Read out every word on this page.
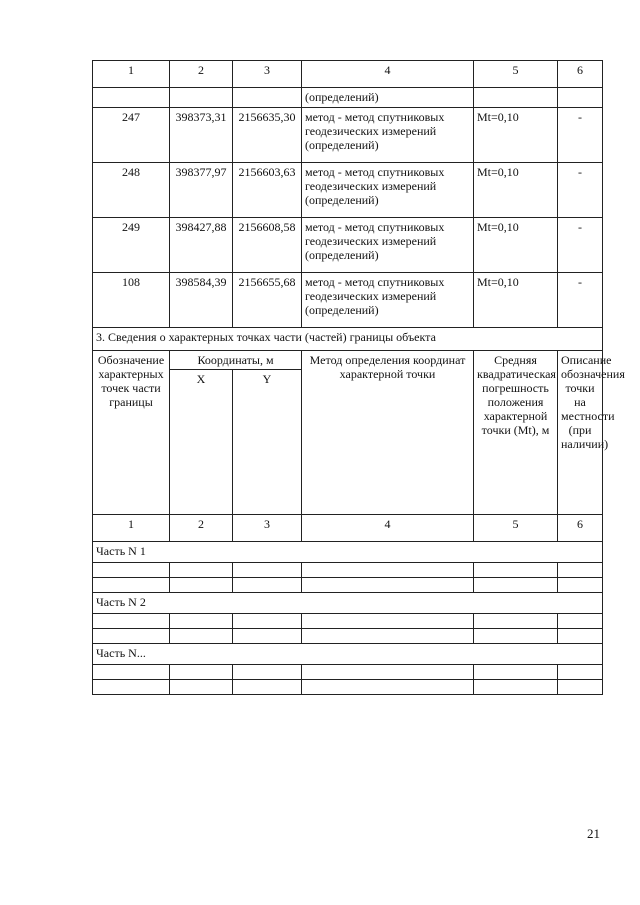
1	2	3	4	5	6
			(определений)		
247	398373,31	2156635,30	метод - метод спутниковых геодезических измерений (определений)	Mt=0,10	-
248	398377,97	2156603,63	метод - метод спутниковых геодезических измерений (определений)	Mt=0,10	-
249	398427,88	2156608,58	метод - метод спутниковых геодезических измерений (определений)	Mt=0,10	-
108	398584,39	2156655,68	метод - метод спутниковых геодезических измерений (определений)	Mt=0,10	-
3. Сведения о характерных точках части (частей) границы объекта					
Обозначение характерных точек части границы	Координаты, м		Метод определения координат характерной точки	Средняя квадратическая погрешность положения характерной точки (Mt), м	Описание обозначения точки на местности (при наличии)
	X	Y			
1	2	3	4	5	6
Часть N 1					

Часть N 2					

Часть N...					

21
